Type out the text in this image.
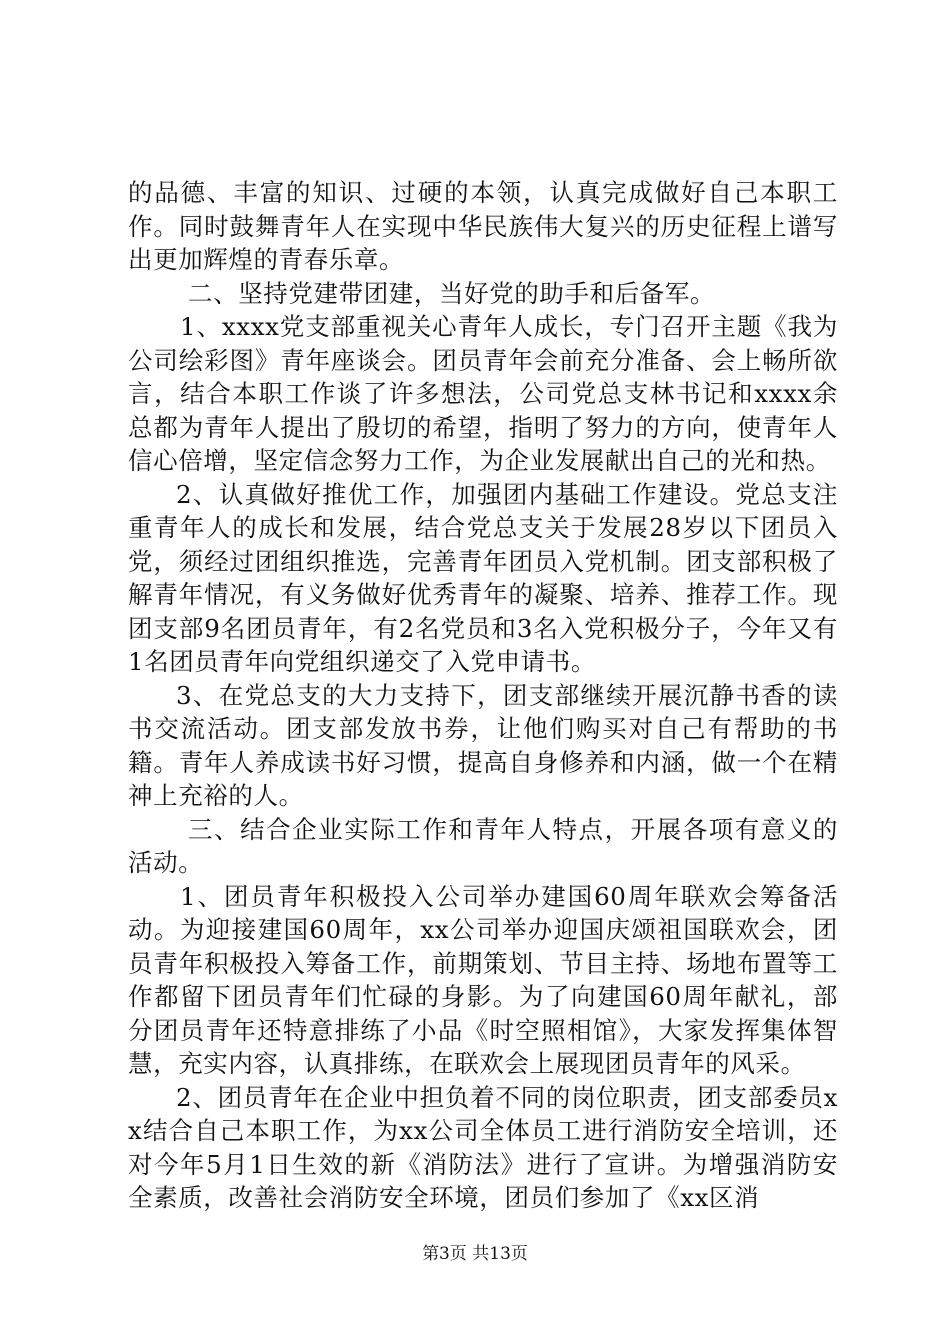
的品德、丰富的知识、过硬的本领，认真完成做好自己本职工作。同时鼓舞青年人在实现中华民族伟大复兴的历史征程上谱写出更加辉煌的青春乐章。

二、坚持党建带团建，当好党的助手和后备军。

1、xxxx党支部重视关心青年人成长，专门召开主题《我为公司绘彩图》青年座谈会。团员青年会前充分准备、会上畅所欲言，结合本职工作谈了许多想法，公司党总支林书记和xxxx余总都为青年人提出了殷切的希望，指明了努力的方向，使青年人信心倍增，坚定信念努力工作，为企业发展献出自己的光和热。

2、认真做好推优工作，加强团内基础工作建设。党总支注重青年人的成长和发展，结合党总支关于发展28岁以下团员入党，须经过团组织推选，完善青年团员入党机制。团支部积极了解青年情况，有义务做好优秀青年的凝聚、培养、推荐工作。现团支部9名团员青年，有2名党员和3名入党积极分子，今年又有1名团员青年向党组织递交了入党申请书。

3、在党总支的大力支持下，团支部继续开展沉静书香的读书交流活动。团支部发放书券，让他们购买对自己有帮助的书籍。青年人养成读书好习惯，提高自身修养和内涵，做一个在精神上充裕的人。

三、结合企业实际工作和青年人特点，开展各项有意义的活动。

1、团员青年积极投入公司举办建国60周年联欢会筹备活动。为迎接建国60周年，xx公司举办迎国庆颂祖国联欢会，团员青年积极投入筹备工作，前期策划、节目主持、场地布置等工作都留下团员青年们忙碌的身影。为了向建国60周年献礼，部分团员青年还特意排练了小品《时空照相馆》，大家发挥集体智慧，充实内容，认真排练，在联欢会上展现团员青年的风采。

2、团员青年在企业中担负着不同的岗位职责，团支部委员xx结合自己本职工作，为xx公司全体员工进行消防安全培训，还对今年5月1日生效的新《消防法》进行了宣讲。为增强消防安全素质，改善社会消防安全环境，团员们参加了《xx区消

第3页 共13页
